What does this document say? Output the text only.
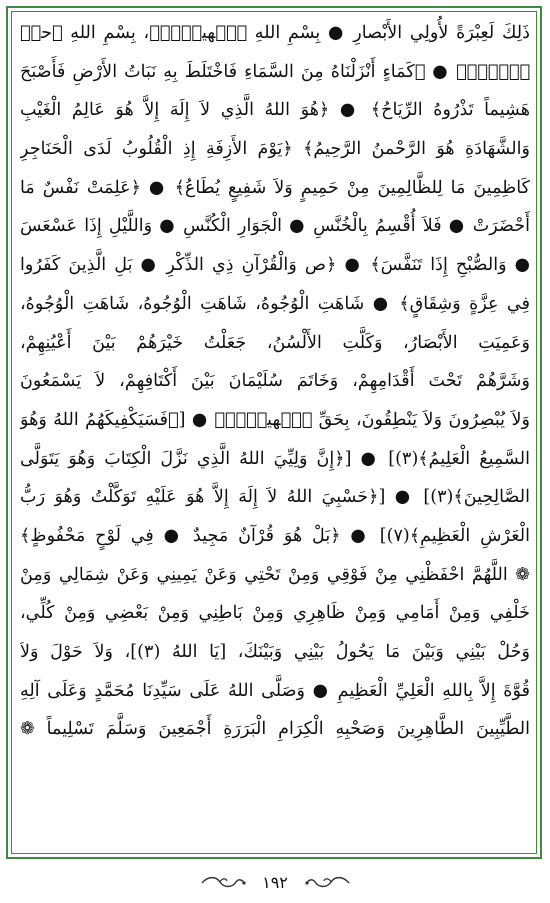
ذَلِكَ لَعِبْرَةً لأُولِي الأَبْصارِ ● بِسْمِ اللهِ ﴿كۤهيعۤصۤ﴾، بِسْمِ اللهِ ﴿حمۤ
عۤسۤقۤ﴾ ● ﴿كَمَاءٍ أَنْزَلْنَاهُ مِنَ السَّمَاءِ فَاخْتَلَطَ بِهِ نَبَاتُ الأَرْضِ فَأَصْبَحَ
هَشِيماً تَذْرُوهُ الرِّيَاحُ﴾ ● ﴿هُوَ اللهُ الَّذِي لاَ إِلَهَ إِلاَّ هُوَ عَالِمُ الْغَيْبِ
وَالشَّهَادَةِ هُوَ الرَّحْمنُ الرَّحِيمُ﴾ ﴿يَوْمَ الأَزِفَةِ إِذِ الْقُلُوبُ لَدَى الْحَنَاجِرِ
كَاظِمِينَ مَا لِلظَّالِمِينَ مِنْ حَمِيمٍ وَلاَ شَفِيعٍ يُطَاعُ﴾ ● ﴿عَلِمَتْ نَفْسٌ مَا
أَحْضَرَتْ ● فَلاَ أُقْسِمُ بِالْخُنَّسِ ● الْجَوَارِ الْكُنَّسِ ● وَاللَّيْلِ إِذَا عَسْعَسَ
● وَالصُّبْحِ إِذَا تَنَفَّسَ﴾ ● ﴿ص وَالْقُرْآنِ ذِي الذِّكْرِ ● بَلِ الَّذِينَ كَفَرُوا
فِي عِزَّةٍ وَشِقَاقٍ﴾ ● شَاهَتِ الْوُجُوهُ، شَاهَتِ الْوُجُوهُ، شَاهَتِ الْوُجُوهُ،
وَعَمِيَتِ الأَبْصَارُ، وَكَلَّتِ الأَلْسُنُ، جَعَلْتُ خَيْرَهُمْ بَيْنَ أَعْيُنِهِمْ،
وَشَرَّهُمْ تَحْتَ أَقْدَامِهِمْ، وَخَاتَمَ سُلَيْمَانَ بَيْنَ أَكْتَافِهِمْ، لاَ يَسْمَعُونَ
وَلاَ يُبْصِرُونَ وَلاَ يَنْطِقُونَ، بِحَقِّ ﴿كۤهيعۤصۤ﴾ ● [﴿فَسَيَكْفِيكَهُمُ اللهُ وَهُوَ
السَّمِيعُ الْعَلِيمُ﴾(٣)] ● [﴿إِنَّ وَلِيِّيَ اللهُ الَّذِي نَزَّلَ الْكِتَابَ وَهُوَ يَتَوَلَّى
الصَّالِحِينَ﴾(٣)] ● [﴿حَسْبِيَ اللهُ لاَ إِلَهَ إِلاَّ هُوَ عَلَيْهِ تَوَكَّلْتُ وَهُوَ رَبُّ
الْعَرْشِ الْعَظِيمِ﴾(٧)] ● ﴿بَلْ هُوَ قُرْآنٌ مَجِيدٌ ● فِي لَوْحٍ مَحْفُوظٍ﴾
❁ اللَّهُمَّ احْفَظْنِي مِنْ فَوْقِي وَمِنْ تَحْتِي وَعَنْ يَمِينِي وَعَنْ شِمَالِي وَمِنْ
خَلْفِي وَمِنْ أَمَامِي وَمِنْ ظَاهِرِي وَمِنْ بَاطِنِي وَمِنْ بَعْضِي وَمِنْ كُلِّي،
وَحُلْ بَيْنِي وَبَيْنَ مَا يَحُولُ بَيْنِي وَبَيْنَكَ، [يَا اللهُ (٣)]، وَلاَ حَوْلَ وَلاَ
قُوَّةَ إِلاَّ بِاللهِ الْعَلِيِّ الْعَظِيمِ ● وَصَلَّى اللهُ عَلَى سَيِّدِنَا مُحَمَّدٍ وَعَلَى آلِهِ
الطَّيِّبِينَ الطَّاهِرِينَ وَصَحْبِهِ الْكِرَامِ الْبَرَرَةِ أَجْمَعِينَ وَسَلَّمَ تَسْلِيماً ❁
١٩٢
